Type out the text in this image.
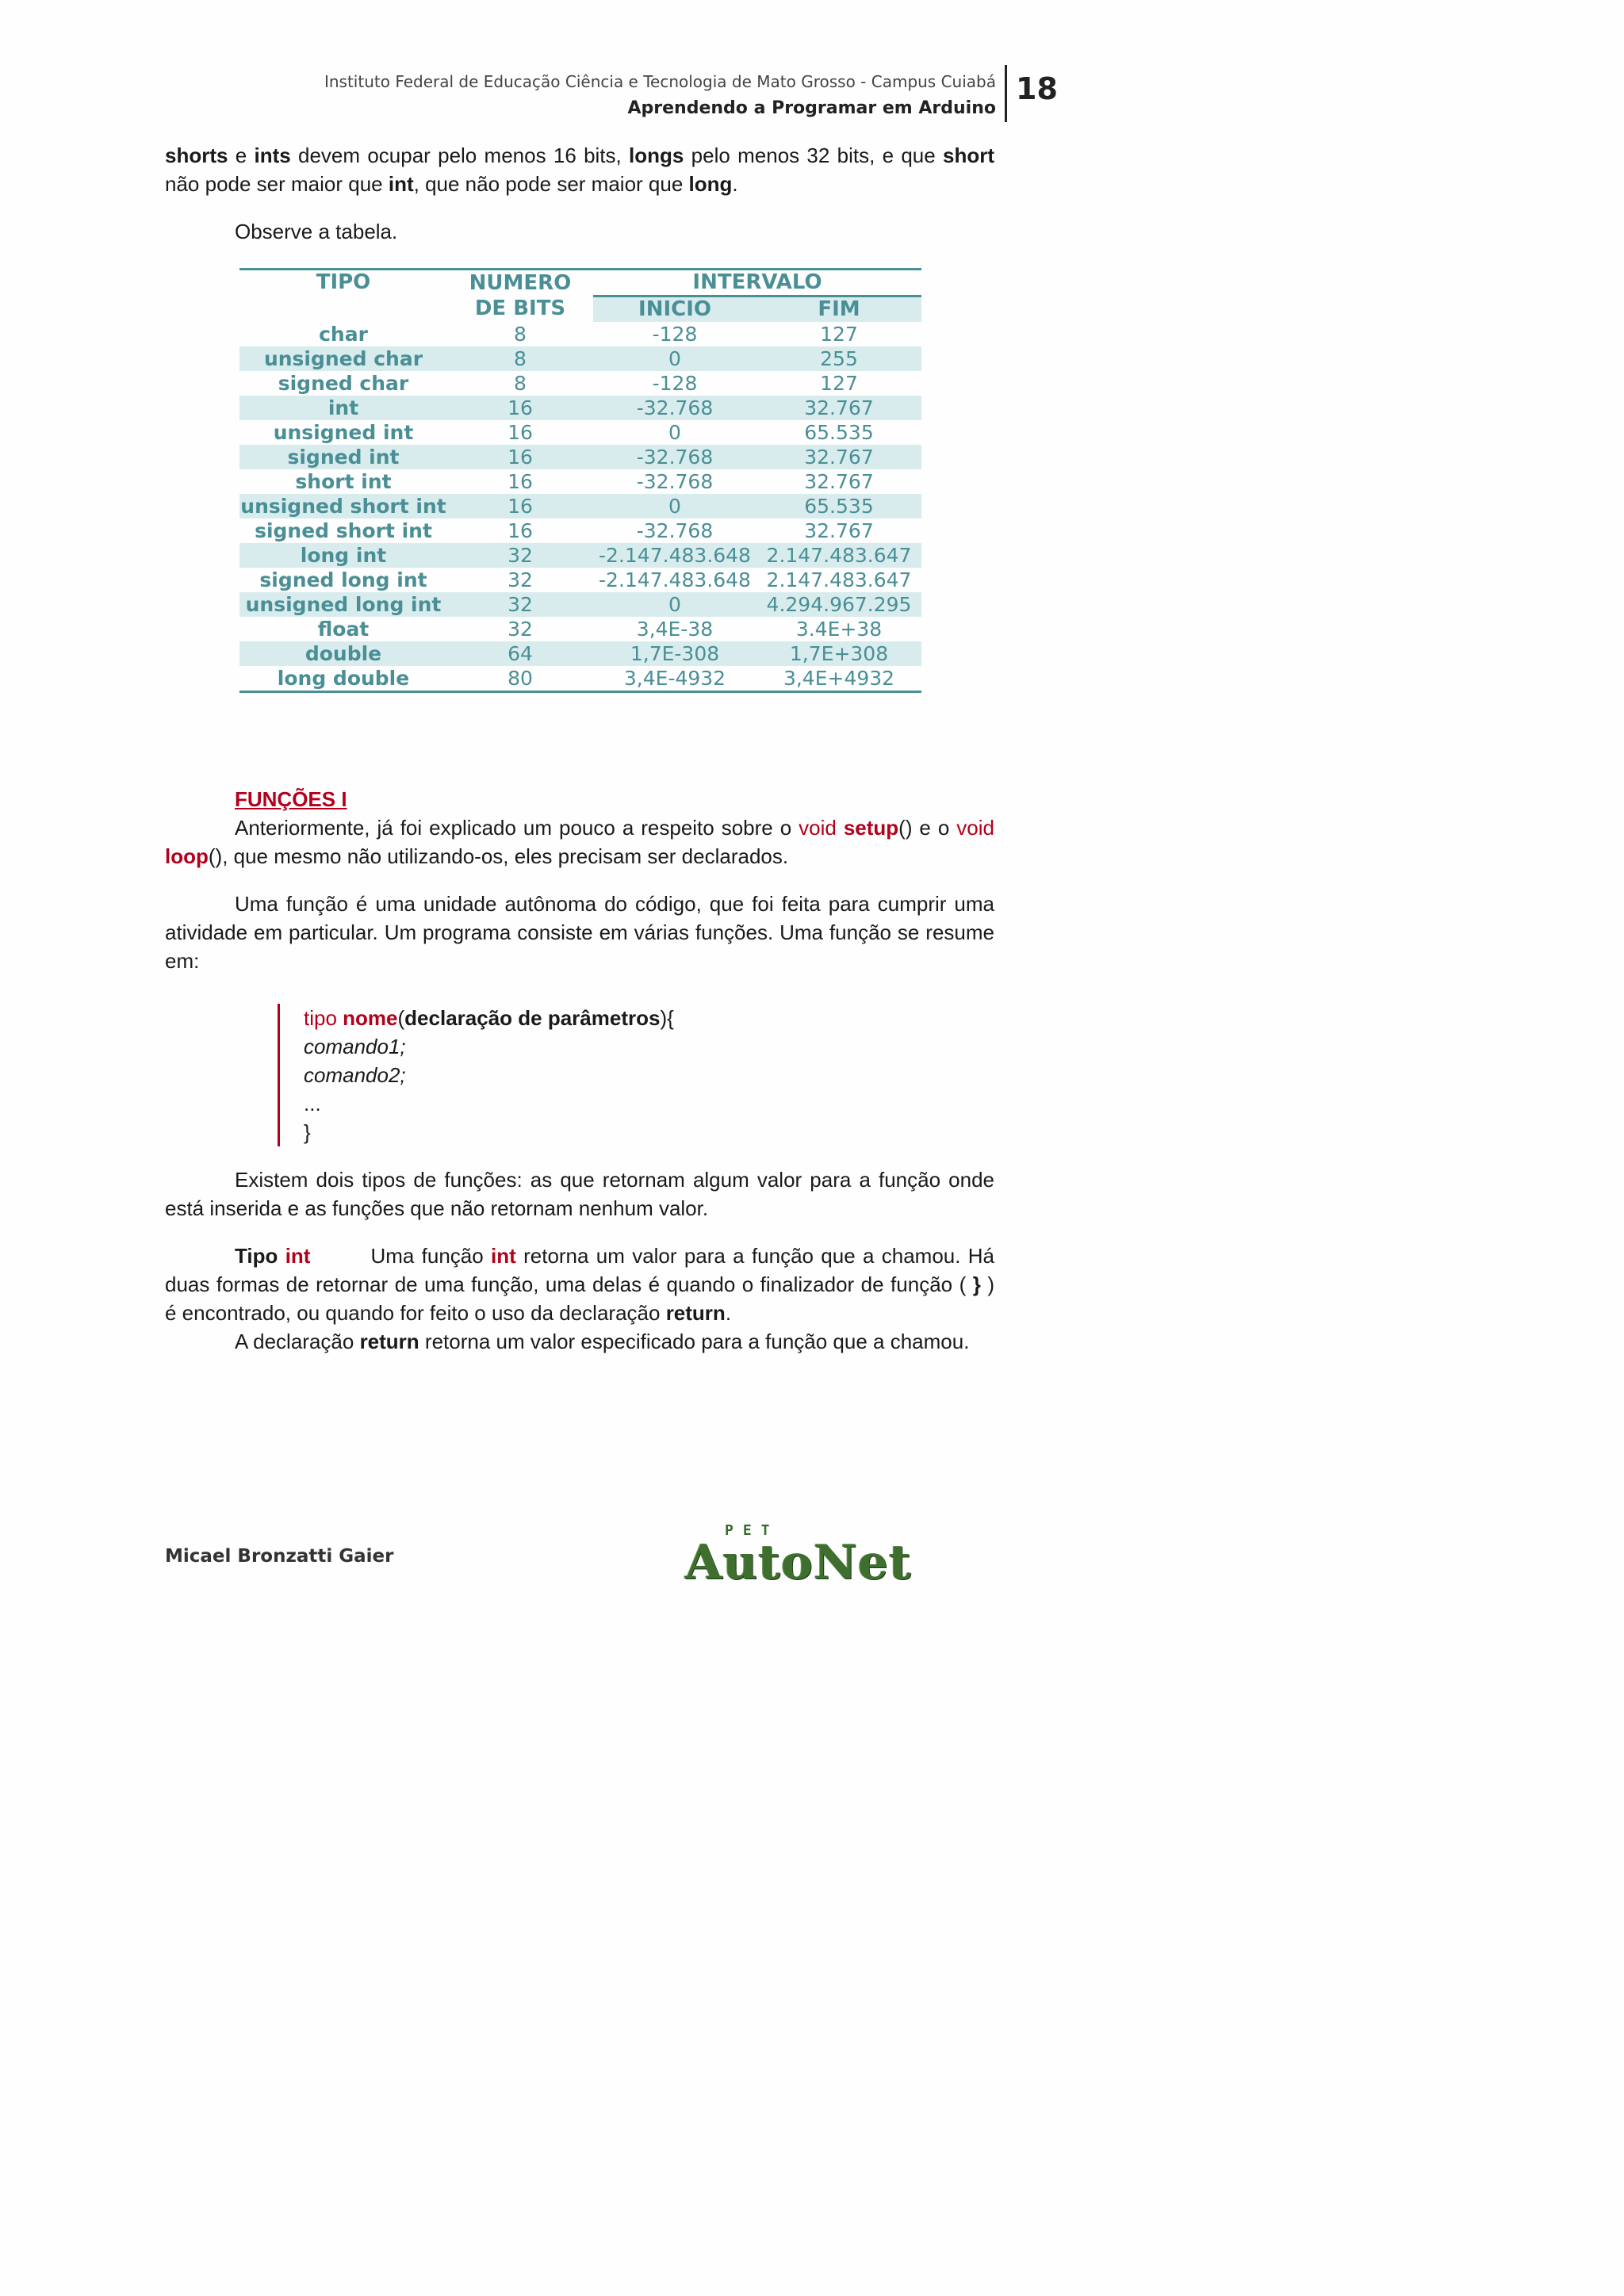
Instituto Federal de Educação Ciência e Tecnologia de Mato Grosso - Campus Cuiabá
Aprendendo a Programar em Arduino
18

shorts e ints devem ocupar pelo menos 16 bits, longs pelo menos 32 bits, e que short não pode ser maior que int, que não pode ser maior que long.

Observe a tabela.

TIPO	NUMERO	INTERVALO	
	DE BITS	INICIO	FIM
char	8	-128	127
unsigned char	8	0	255
signed char	8	-128	127
int	16	-32.768	32.767
unsigned int	16	0	65.535
signed int	16	-32.768	32.767
short int	16	-32.768	32.767
unsigned short int	16	0	65.535
signed short int	16	-32.768	32.767
long int	32	-2.147.483.648	2.147.483.647
signed long int	32	-2.147.483.648	2.147.483.647
unsigned long int	32	0	4.294.967.295
float	32	3,4E-38	3.4E+38
double	64	1,7E-308	1,7E+308
long double	80	3,4E-4932	3,4E+4932

FUNÇÕES I

Anteriormente, já foi explicado um pouco a respeito sobre o void setup() e o void loop(), que mesmo não utilizando-os, eles precisam ser declarados.

Uma função é uma unidade autônoma do código, que foi feita para cumprir uma atividade em particular. Um programa consiste em várias funções. Uma função se resume em:

tipo nome(declaração de parâmetros){
comando1;
comando2;
...
}

Existem dois tipos de funções: as que retornam algum valor para a função onde está inserida e as funções que não retornam nenhum valor.

Tipo int	Uma função int retorna um valor para a função que a chamou. Há duas formas de retornar de uma função, uma delas é quando o finalizador de função ( } ) é encontrado, ou quando for feito o uso da declaração return.

A declaração return retorna um valor especificado para a função que a chamou.

Micael Bronzatti Gaier
PET
AutoNet
